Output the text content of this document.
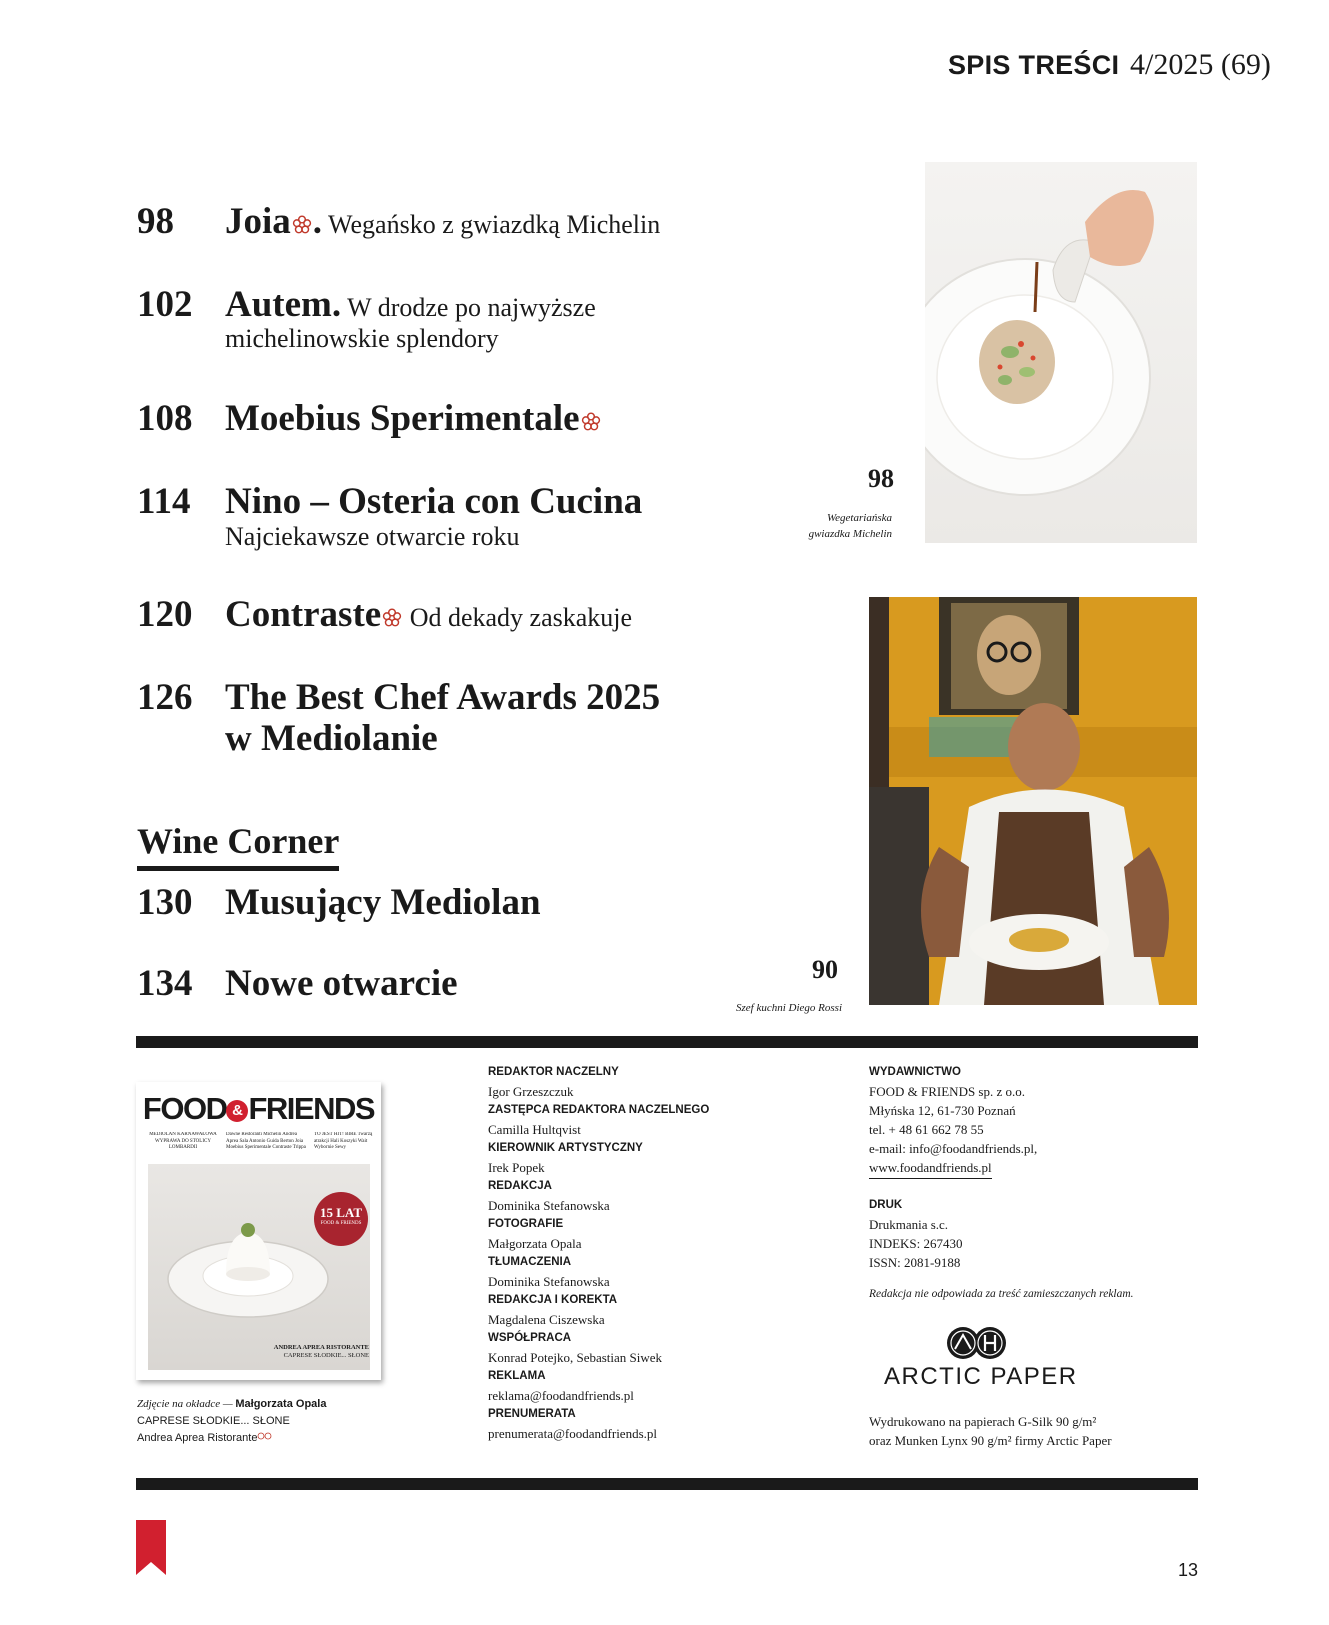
SPIS TREŚCI 4/2025 (69)
98 Joia . Wegańsko z gwiazdką Michelin
102 Autem. W drodze po najwyższe
michelinowskie splendory
108 Moebius Sperimentale
114 Nino – Osteria con Cucina
Najciekawsze otwarcie roku
120 Contraste Od dekady zaskakuje
126 The Best Chef Awards 2025
w Mediolanie
Wine Corner
130 Musujący Mediolan
134 Nowe otwarcie
98
Wegetariańska
gwiazdka Michelin
90
Szef kuchni Diego Rossi
FOOD & FRIENDS
MEDIOLAN KARNAWAŁOWA WYPRAWA DO STOLICY LOMBARDII
Dawne Restoranti Michelin Andrea Aprea Sala Antonio Guida Berton Joia Moebius Sperimentale Contraste Trippa
TO JEST HIT! BIRE Twarzą atrakcji Hali Koszyki Wait Wybornie Sewy
15 LAT
FOOD & FRIENDS
ANDREA APREA RISTORANTE
CAPRESE SŁODKIE... SŁONE
Zdjęcie na okładce — Małgorzata Opala
CAPRESE SŁODKIE... SŁONE
Andrea Aprea Ristorante
REDAKTOR NACZELNY
Igor Grzeszczuk
ZASTĘPCA REDAKTORA NACZELNEGO
Camilla Hultqvist
KIEROWNIK ARTYSTYCZNY
Irek Popek
REDAKCJA
Dominika Stefanowska
FOTOGRAFIE
Małgorzata Opala
TŁUMACZENIA
Dominika Stefanowska
REDAKCJA I KOREKTA
Magdalena Ciszewska
WSPÓŁPRACA
Konrad Potejko, Sebastian Siwek
REKLAMA
reklama@foodandfriends.pl
PRENUMERATA
prenumerata@foodandfriends.pl
WYDAWNICTWO
FOOD & FRIENDS sp. z o.o.
Młyńska 12, 61-730 Poznań
tel. + 48 61 662 78 55
e-mail: info@foodandfriends.pl,
www.foodandfriends.pl
DRUK
Drukmania s.c.
INDEKS: 267430
ISSN: 2081-9188
Redakcja nie odpowiada za treść zamieszczanych reklam.
ARCTIC PAPER
Wydrukowano na papierach G-Silk 90 g/m²
oraz Munken Lynx 90 g/m² firmy Arctic Paper
13
